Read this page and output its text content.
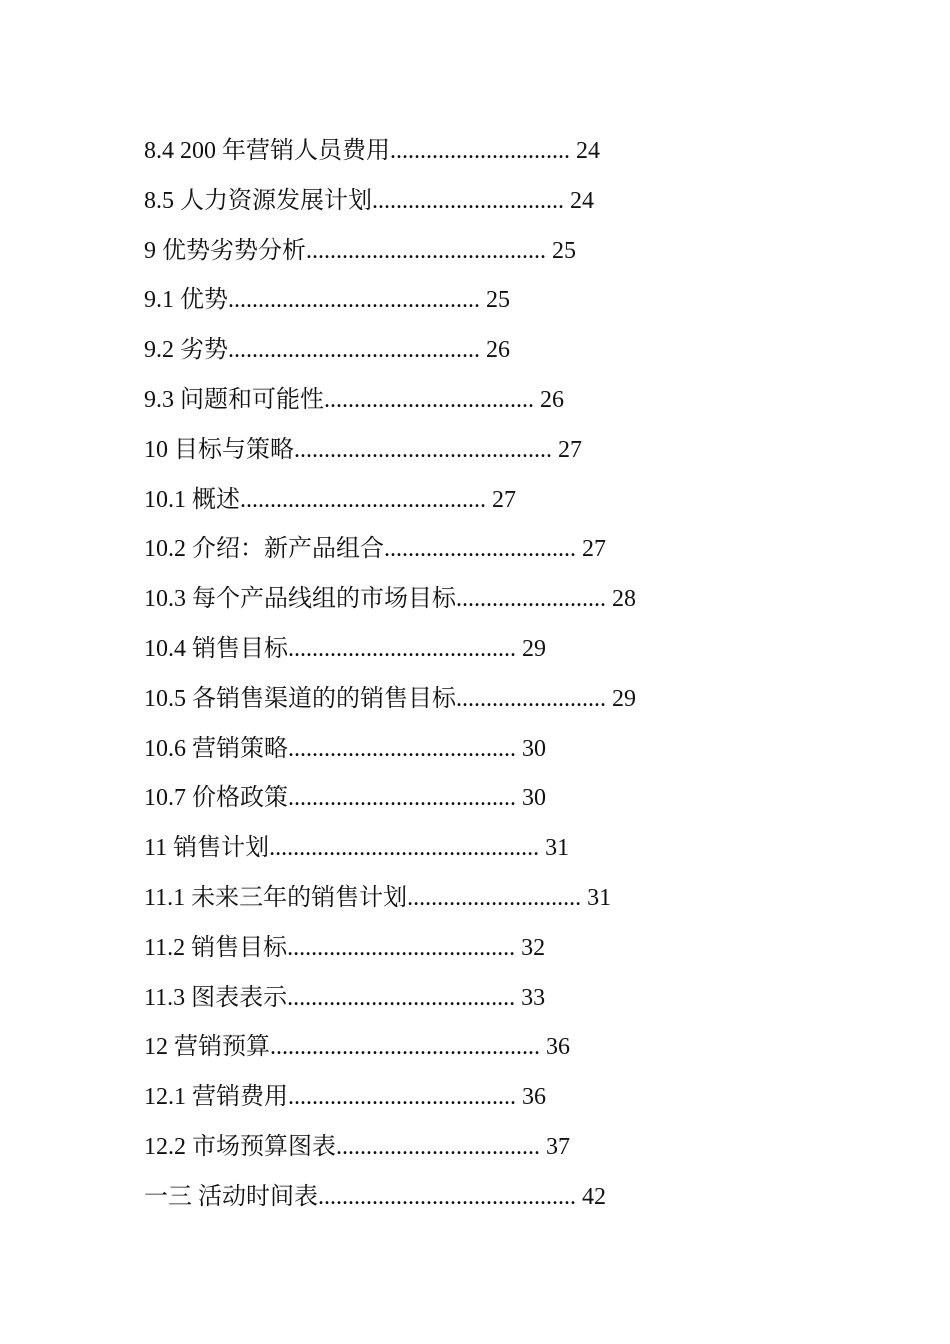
8.4 200 年营销人员费用.............................. 24
8.5 人力资源发展计划................................ 24
9 优势劣势分析........................................ 25
9.1 优势.......................................... 25
9.2 劣势.......................................... 26
9.3 问题和可能性................................... 26
10 目标与策略........................................... 27
10.1 概述......................................... 27
10.2 介绍：新产品组合................................ 27
10.3 每个产品线组的市场目标......................... 28
10.4 销售目标...................................... 29
10.5 各销售渠道的的销售目标......................... 29
10.6 营销策略...................................... 30
10.7 价格政策...................................... 30
11 销售计划............................................. 31
11.1 未来三年的销售计划............................. 31
11.2 销售目标...................................... 32
11.3 图表表示...................................... 33
12 营销预算............................................. 36
12.1 营销费用...................................... 36
12.2 市场预算图表.................................. 37
一三 活动时间表........................................... 42
